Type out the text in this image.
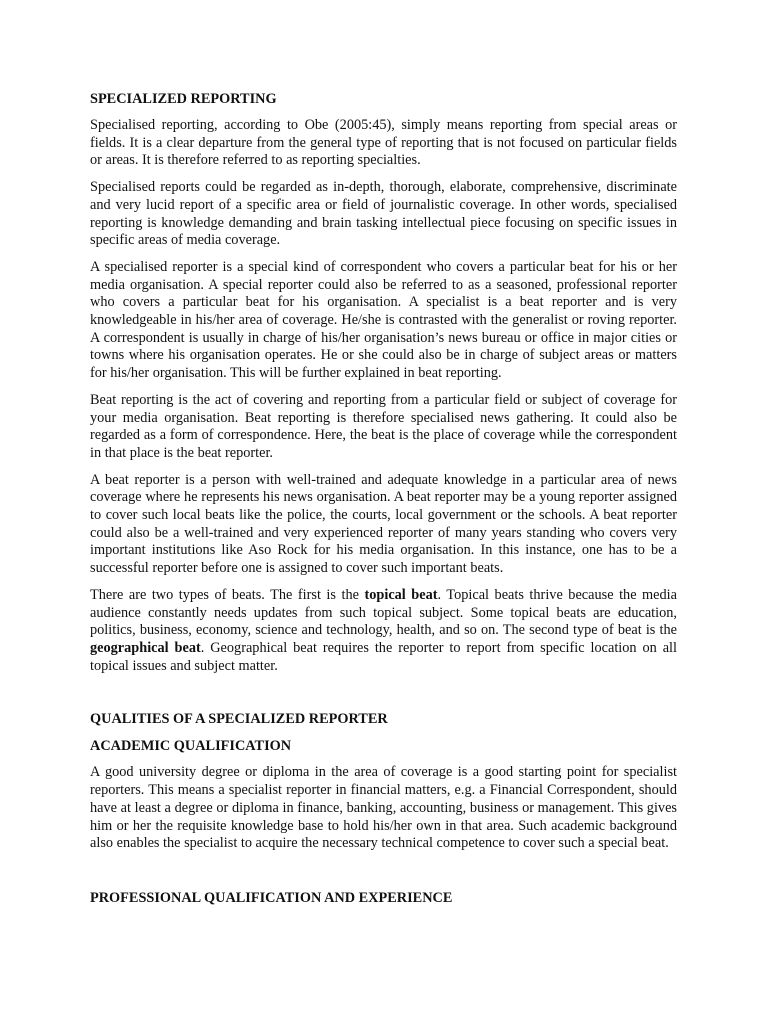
SPECIALIZED REPORTING

Specialised reporting, according to Obe (2005:45), simply means reporting from special areas or fields. It is a clear departure from the general type of reporting that is not focused on particular fields or areas. It is therefore referred to as reporting specialties.

Specialised reports could be regarded as in-depth, thorough, elaborate, comprehensive, discriminate and very lucid report of a specific area or field of journalistic coverage. In other words, specialised reporting is knowledge demanding and brain tasking intellectual piece focusing on specific issues in specific areas of media coverage.

A specialised reporter is a special kind of correspondent who covers a particular beat for his or her media organisation. A special reporter could also be referred to as a seasoned, professional reporter who covers a particular beat for his organisation. A specialist is a beat reporter and is very knowledgeable in his/her area of coverage. He/she is contrasted with the generalist or roving reporter. A correspondent is usually in charge of his/her organisation’s news bureau or office in major cities or towns where his organisation operates. He or she could also be in charge of subject areas or matters for his/her organisation. This will be further explained in beat reporting.

Beat reporting is the act of covering and reporting from a particular field or subject of coverage for your media organisation. Beat reporting is therefore specialised news gathering. It could also be regarded as a form of correspondence. Here, the beat is the place of coverage while the correspondent in that place is the beat reporter.

A beat reporter is a person with well-trained and adequate knowledge in a particular area of news coverage where he represents his news organisation. A beat reporter may be a young reporter assigned to cover such local beats like the police, the courts, local government or the schools. A beat reporter could also be a well-trained and very experienced reporter of many years standing who covers very important institutions like Aso Rock for his media organisation. In this instance, one has to be a successful reporter before one is assigned to cover such important beats.

There are two types of beats. The first is the topical beat. Topical beats thrive because the media audience constantly needs updates from such topical subject. Some topical beats are education, politics, business, economy, science and technology, health, and so on. The second type of beat is the geographical beat. Geographical beat requires the reporter to report from specific location on all topical issues and subject matter.

QUALITIES OF A SPECIALIZED REPORTER
ACADEMIC QUALIFICATION

A good university degree or diploma in the area of coverage is a good starting point for specialist reporters. This means a specialist reporter in financial matters, e.g. a Financial Correspondent, should have at least a degree or diploma in finance, banking, accounting, business or management. This gives him or her the requisite knowledge base to hold his/her own in that area. Such academic background also enables the specialist to acquire the necessary technical competence to cover such a special beat.

PROFESSIONAL QUALIFICATION AND EXPERIENCE
